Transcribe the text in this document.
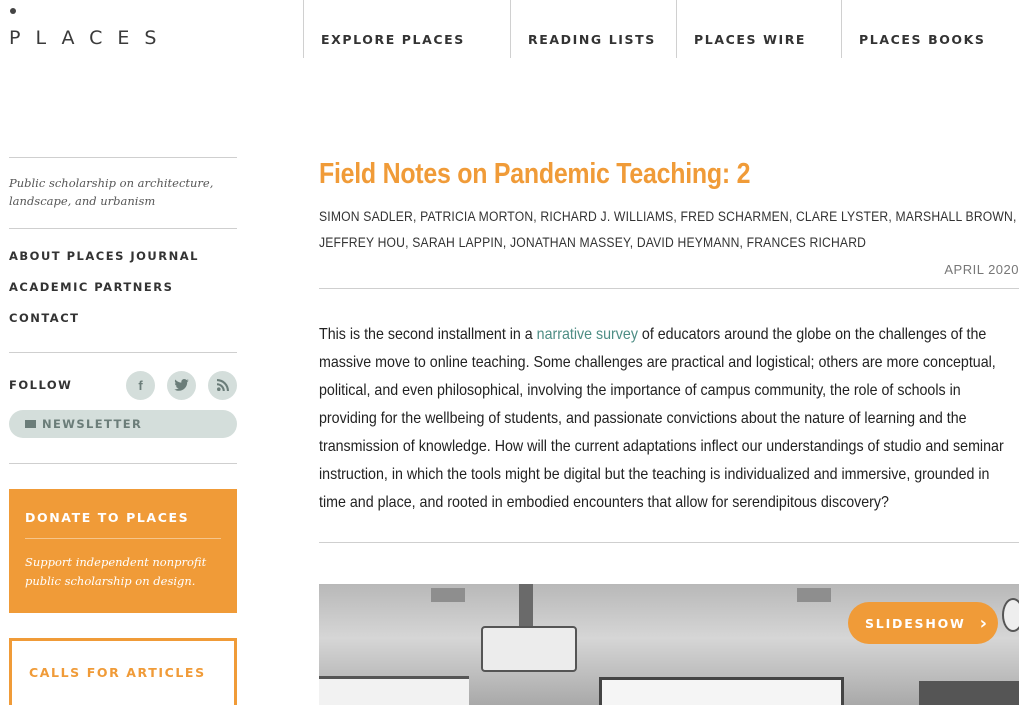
PLACES	EXPLORE PLACES	READING LISTS	PLACES WIRE	PLACES BOOKS
Public scholarship on architecture,
landscape, and urbanism
ABOUT PLACES JOURNAL
ACADEMIC PARTNERS
CONTACT
FOLLOW	f
NEWSLETTER
DONATE TO PLACES
Support independent nonprofit
public scholarship on design.
CALLS FOR ARTICLES
Field Notes on Pandemic Teaching: 2
SIMON SADLER, PATRICIA MORTON, RICHARD J. WILLIAMS, FRED SCHARMEN, CLARE LYSTER, MARSHALL BROWN,
JEFFREY HOU, SARAH LAPPIN, JONATHAN MASSEY, DAVID HEYMANN, FRANCES RICHARD
APRIL 2020

This is the second installment in a narrative survey of educators around the globe on the challenges of the massive move to online teaching. Some challenges are practical and logistical; others are more conceptual, political, and even philosophical, involving the importance of campus community, the role of schools in providing for the wellbeing of students, and passionate convictions about the nature of learning and the transmission of knowledge. How will the current adaptations inflect our understandings of studio and seminar instruction, in which the tools might be digital but the teaching is individualized and immersive, grounded in time and place, and rooted in embodied encounters that allow for serendipitous discovery?

SLIDESHOW ›
